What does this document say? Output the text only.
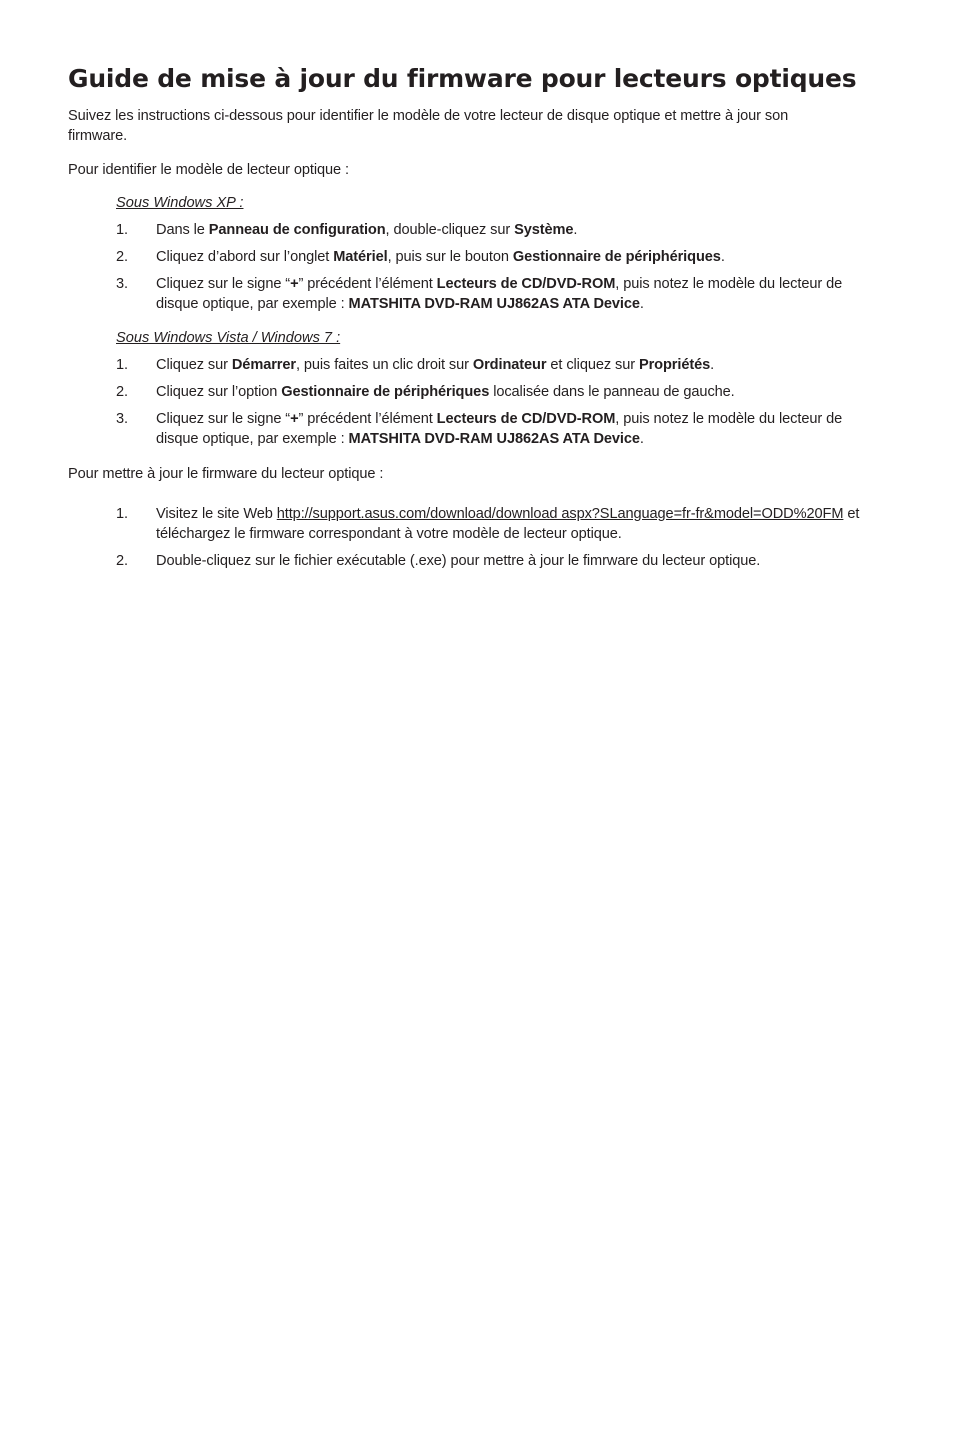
Guide de mise à jour du firmware pour lecteurs optiques

Suivez les instructions ci-dessous pour identifier le modèle de votre lecteur de disque optique et mettre à jour son firmware.

Pour identifier le modèle de lecteur optique :

Sous Windows XP :
1. Dans le Panneau de configuration, double-cliquez sur Système.
2. Cliquez d’abord sur l’onglet Matériel, puis sur le bouton Gestionnaire de périphériques.
3. Cliquez sur le signe “+” précédent l’élément Lecteurs de CD/DVD-ROM, puis notez le modèle du lecteur de disque optique, par exemple : MATSHITA DVD-RAM UJ862AS ATA Device.
Sous Windows Vista / Windows 7 :
1. Cliquez sur Démarrer, puis faites un clic droit sur Ordinateur et cliquez sur Propriétés.
2. Cliquez sur l’option Gestionnaire de périphériques localisée dans le panneau de gauche.
3. Cliquez sur le signe “+” précédent l’élément Lecteurs de CD/DVD-ROM, puis notez le modèle du lecteur de disque optique, par exemple : MATSHITA DVD-RAM UJ862AS ATA Device.

Pour mettre à jour le firmware du lecteur optique :

1. Visitez le site Web http://support.asus.com/download/download aspx?SLanguage=fr-fr&model=ODD%20FM et téléchargez le firmware correspondant à votre modèle de lecteur optique.
2. Double-cliquez sur le fichier exécutable (.exe) pour mettre à jour le fimrware du lecteur optique.
